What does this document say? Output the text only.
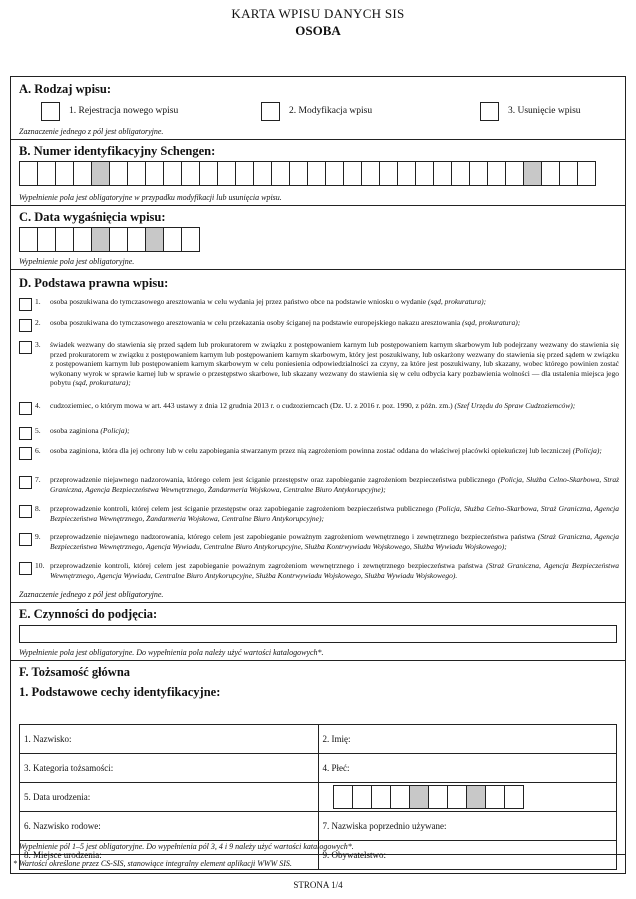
KARTA WPISU DANYCH SIS
OSOBA
A. Rodzaj wpisu:
1. Rejestracja nowego wpisu	2. Modyfikacja wpisu	3. Usunięcie wpisu
Zaznaczenie jednego z pól jest obligatoryjne.
B. Numer identyfikacyjny Schengen:
Wypełnienie pola jest obligatoryjne w przypadku modyfikacji lub usunięcia wpisu.
C. Data wygaśnięcia wpisu:
Wypełnienie pola jest obligatoryjne.
D. Podstawa prawna wpisu:
1. osoba poszukiwana do tymczasowego aresztowania w celu wydania jej przez państwo obce na podstawie wniosku o wydanie (sąd, prokuratura);
2. osoba poszukiwana do tymczasowego aresztowania w celu przekazania osoby ściganej na podstawie europejskiego nakazu aresztowania (sąd, prokuratura);
3. świadek wezwany do stawienia się przed sądem lub prokuratorem w związku z postępowaniem karnym lub postępowaniem karnym skarbowym lub podejrzany wezwany do stawienia się przed prokuratorem w związku z postępowaniem karnym lub postępowaniem karnym skarbowym, który jest poszukiwany, lub oskarżony wezwany do stawienia się przed sądem w związku z postępowaniem karnym lub postępowaniem karnym skarbowym w celu poniesienia odpowiedzialności za czyny, za które jest poszukiwany, lub skazany, wobec którego powinien zostać wykonany wyrok w sprawie karnej lub w sprawie o przestępstwo skarbowe, lub skazany wezwany do stawienia się w celu odbycia kary pozbawienia wolności — dla ustalenia miejsca jego pobytu (sąd, prokuratura);
4. cudzoziemiec, o którym mowa w art. 443 ustawy z dnia 12 grudnia 2013 r. o cudzoziemcach (Dz. U. z 2016 r. poz. 1990, z późn. zm.) (Szef Urzędu do Spraw Cudzoziemców);
5. osoba zaginiona (Policja);
6. osoba zaginiona, która dla jej ochrony lub w celu zapobiegania stwarzanym przez nią zagrożeniom powinna zostać oddana do właściwej placówki opiekuńczej lub leczniczej (Policja);
7. przeprowadzenie niejawnego nadzorowania, którego celem jest ściganie przestępstw oraz zapobieganie zagrożeniom bezpieczeństwa publicznego (Policja, Służba Celno-Skarbowa, Straż Graniczna, Agencja Bezpieczeństwa Wewnętrznego, Żandarmeria Wojskowa, Centralne Biuro Antykorupcyjne);
8. przeprowadzenie kontroli, której celem jest ściganie przestępstw oraz zapobieganie zagrożeniom bezpieczeństwa publicznego (Policja, Służba Celno-Skarbowa, Straż Graniczna, Agencja Bezpieczeństwa Wewnętrznego, Żandarmeria Wojskowa, Centralne Biuro Antykorupcyjne);
9. przeprowadzenie niejawnego nadzorowania, którego celem jest zapobieganie poważnym zagrożeniom wewnętrznego i zewnętrznego bezpieczeństwa państwa (Straż Graniczna, Agencja Bezpieczeństwa Wewnętrznego, Agencja Wywiadu, Centralne Biuro Antykorupcyjne, Służba Kontrwywiadu Wojskowego, Służba Wywiadu Wojskowego);
10. przeprowadzenie kontroli, której celem jest zapobieganie poważnym zagrożeniom wewnętrznego i zewnętrznego bezpieczeństwa państwa (Straż Graniczna, Agencja Bezpieczeństwa Wewnętrznego, Agencja Wywiadu, Centralne Biuro Antykorupcyjne, Służba Kontrwywiadu Wojskowego, Służba Wywiadu Wojskowego).
Zaznaczenie jednego z pól jest obligatoryjne.
E. Czynności do podjęcia:
Wypełnienie pola jest obligatoryjne. Do wypełnienia pola należy użyć wartości katalogowych*.
F. Tożsamość główna
1. Podstawowe cechy identyfikacyjne:
1. Nazwisko:	2. Imię:
3. Kategoria tożsamości:	4. Płeć:
5. Data urodzenia:	

6. Nazwisko rodowe:	7. Nazwiska poprzednio używane:
8. Miejsce urodzenia:	9. Obywatelstwo:
Wypełnienie pól 1–5 jest obligatoryjne. Do wypełnienia pól 3, 4 i 9 należy użyć wartości katalogowych*.
* Wartości określone przez CS-SIS, stanowiące integralny element aplikacji WWW SIS.
STRONA 1/4
